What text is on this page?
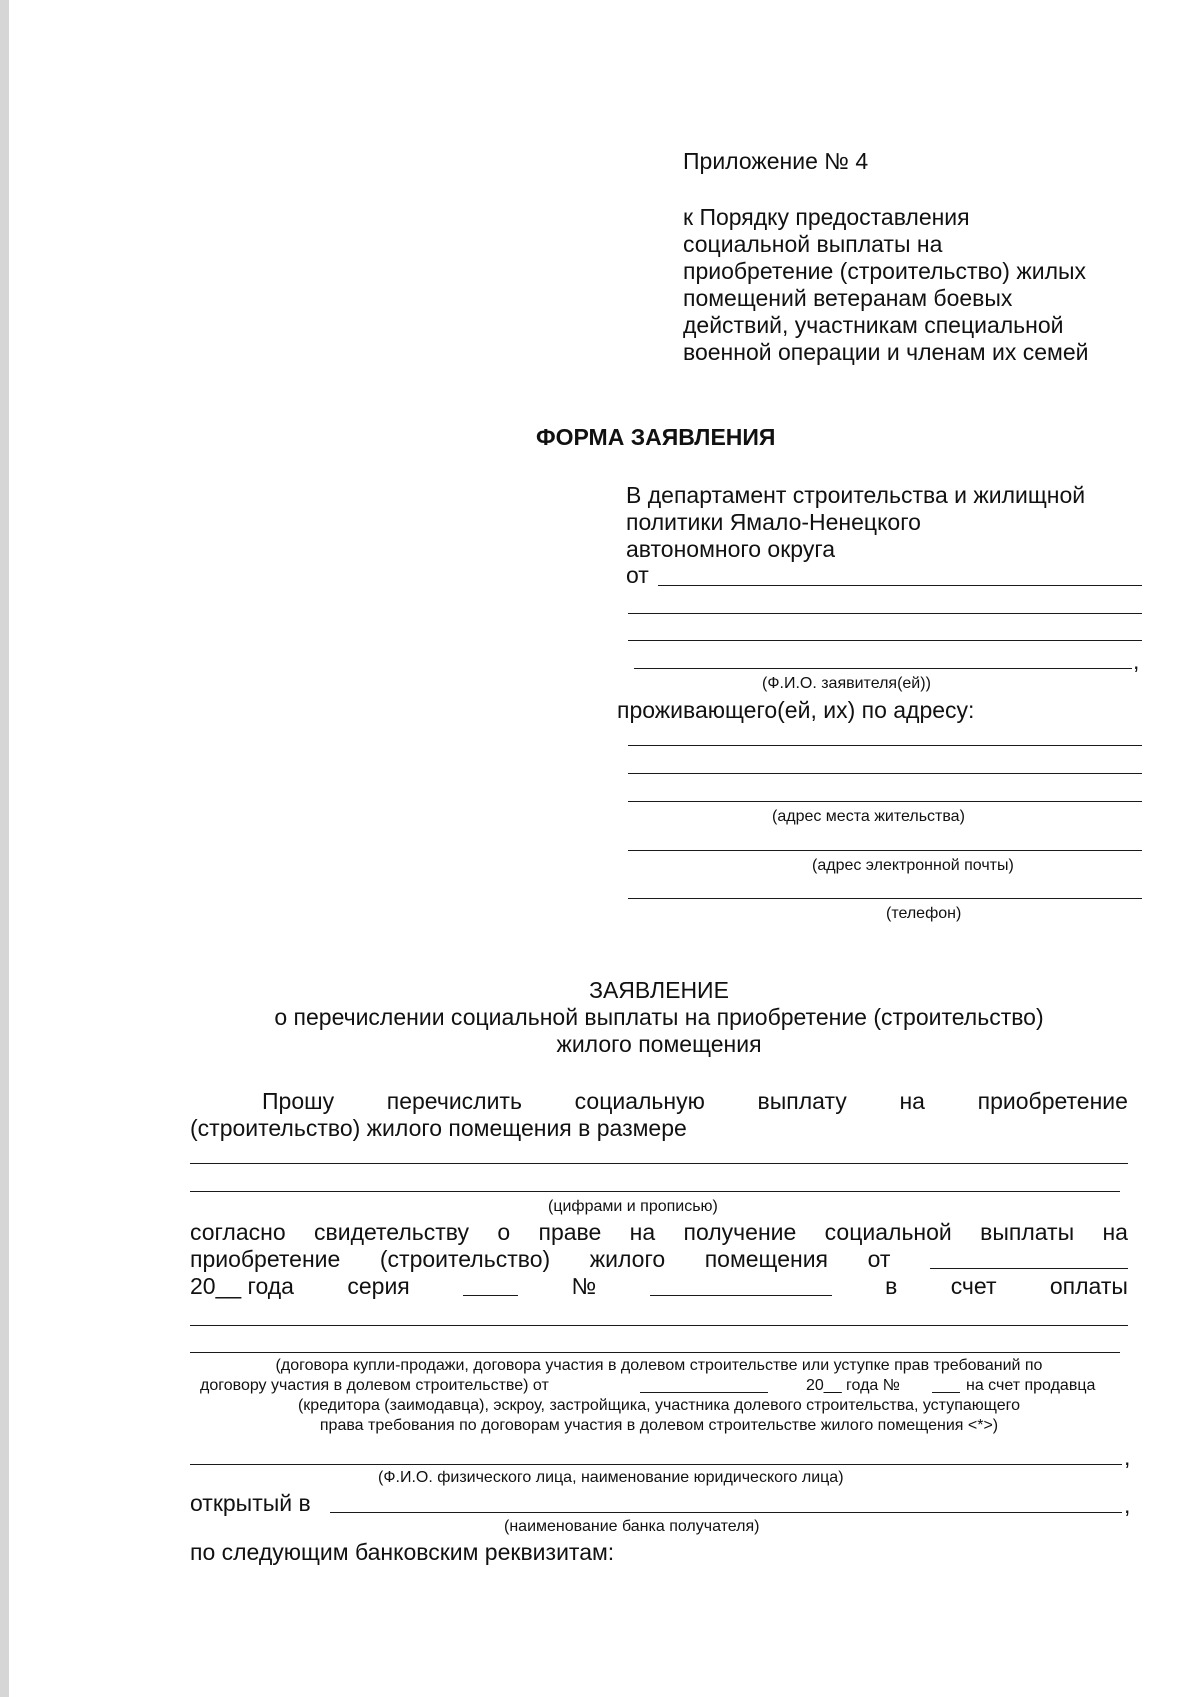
Приложение № 4
к Порядку предоставления
социальной выплаты на
приобретение (строительство) жилых
помещений ветеранам боевых
действий, участникам специальной
военной операции и членам их семей
ФОРМА ЗАЯВЛЕНИЯ
В департамент строительства и жилищной
политики Ямало-Ненецкого
автономного округа
от
,
(Ф.И.О. заявителя(ей))
проживающего(ей, их) по адресу:
(адрес места жительства)
(адрес электронной почты)
(телефон)
ЗАЯВЛЕНИЕ
о перечислении социальной выплаты на приобретение (строительство)
жилого помещения
Прошу перечислить социальную выплату на приобретение
(строительство) жилого помещения в размере
(цифрами и прописью)
согласно свидетельству о праве на получение социальной выплаты на
приобретение (строительство) жилого помещения от
20__ года серия	№	в счет оплаты
(договора купли-продажи, договора участия в долевом строительстве или уступке прав требований по
договору участия в долевом строительстве) от	20__ года №	на счет продавца
(кредитора (заимодавца), эскроу, застройщика, участника долевого строительства, уступающего
права требования по договорам участия в долевом строительстве жилого помещения <*>)
,
(Ф.И.О. физического лица, наименование юридического лица)
открытый в	,
(наименование банка получателя)
по следующим банковским реквизитам:
